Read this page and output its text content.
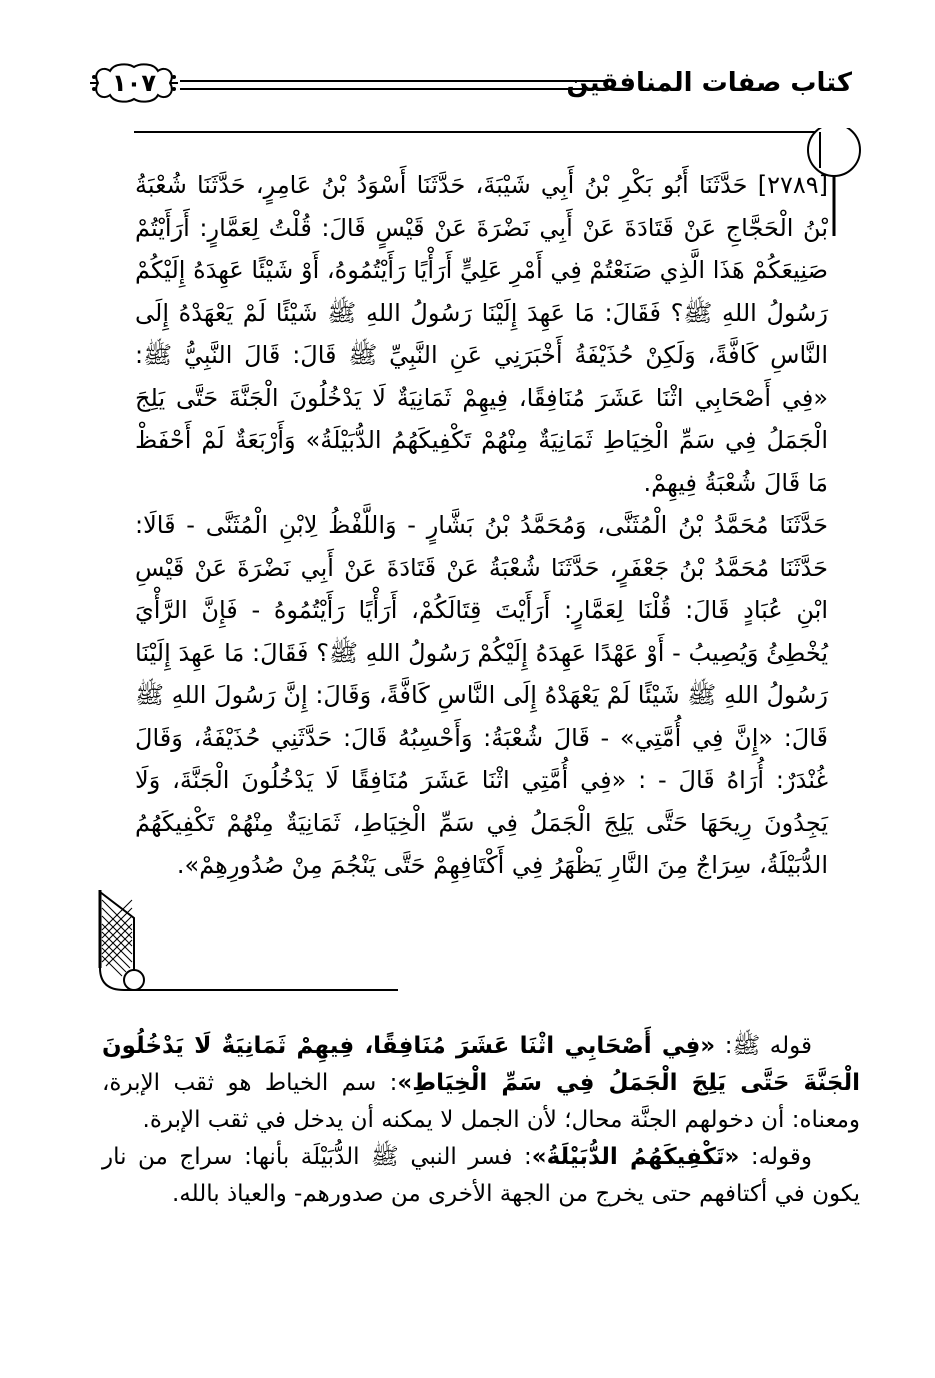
كتاب صفات المنافقين
١٠٧

[٢٧٨٩] حَدَّثَنَا أَبُو بَكْرِ بْنُ أَبِي شَيْبَةَ، حَدَّثَنَا أَسْوَدُ بْنُ عَامِرٍ، حَدَّثَنَا شُعْبَةُ بْنُ الْحَجَّاجِ عَنْ قَتَادَةَ عَنْ أَبِي نَضْرَةَ عَنْ قَيْسٍ قَالَ: قُلْتُ لِعَمَّارٍ: أَرَأَيْتُمْ صَنِيعَكُمْ هَذَا الَّذِي صَنَعْتُمْ فِي أَمْرِ عَلِيٍّ أَرَأْيًا رَأَيْتُمُوهُ، أَوْ شَيْئًا عَهِدَهُ إِلَيْكُمْ رَسُولُ اللهِ ﷺ؟ فَقَالَ: مَا عَهِدَ إِلَيْنَا رَسُولُ اللهِ ﷺ شَيْئًا لَمْ يَعْهَدْهُ إِلَى النَّاسِ كَافَّةً، وَلَكِنْ حُذَيْفَةُ أَخْبَرَنِي عَنِ النَّبِيِّ ﷺ قَالَ: قَالَ النَّبِيُّ ﷺ: «فِي أَصْحَابِي اثْنَا عَشَرَ مُنَافِقًا، فِيهِمْ ثَمَانِيَةٌ لَا يَدْخُلُونَ الْجَنَّةَ حَتَّى يَلِجَ الْجَمَلُ فِي سَمِّ الْخِيَاطِ ثَمَانِيَةٌ مِنْهُمْ تَكْفِيكَهُمُ الدُّبَيْلَةُ» وَأَرْبَعَةٌ لَمْ أَحْفَظْ مَا قَالَ شُعْبَةُ فِيهِمْ.

حَدَّثَنَا مُحَمَّدُ بْنُ الْمُثَنَّى، وَمُحَمَّدُ بْنُ بَشَّارٍ - وَاللَّفْظُ لِابْنِ الْمُثَنَّى - قَالَا: حَدَّثَنَا مُحَمَّدُ بْنُ جَعْفَرٍ، حَدَّثَنَا شُعْبَةُ عَنْ قَتَادَةَ عَنْ أَبِي نَضْرَةَ عَنْ قَيْسِ ابْنِ عُبَادٍ قَالَ: قُلْنَا لِعَمَّارٍ: أَرَأَيْتَ قِتَالَكُمْ، أَرَأْيًا رَأَيْتُمُوهُ - فَإِنَّ الرَّأْيَ يُخْطِئُ وَيُصِيبُ - أَوْ عَهْدًا عَهِدَهُ إِلَيْكُمْ رَسُولُ اللهِ ﷺ؟ فَقَالَ: مَا عَهِدَ إِلَيْنَا رَسُولُ اللهِ ﷺ شَيْئًا لَمْ يَعْهَدْهُ إِلَى النَّاسِ كَافَّةً، وَقَالَ: إِنَّ رَسُولَ اللهِ ﷺ قَالَ: «إِنَّ فِي أُمَّتِي» - قَالَ شُعْبَةُ: وَأَحْسِبُهُ قَالَ: حَدَّثَنِي حُذَيْفَةُ، وَقَالَ غُنْدَرٌ: أُرَاهُ قَالَ - : «فِي أُمَّتِي اثْنَا عَشَرَ مُنَافِقًا لَا يَدْخُلُونَ الْجَنَّةَ، وَلَا يَجِدُونَ رِيحَهَا حَتَّى يَلِجَ الْجَمَلُ فِي سَمِّ الْخِيَاطِ، ثَمَانِيَةٌ مِنْهُمْ تَكْفِيكَهُمُ الدُّبَيْلَةُ، سِرَاجٌ مِنَ النَّارِ يَظْهَرُ فِي أَكْتَافِهِمْ حَتَّى يَنْجُمَ مِنْ صُدُورِهِمْ».

قوله ﷺ: «فِي أَصْحَابِي اثْنَا عَشَرَ مُنَافِقًا، فِيهِمْ ثَمَانِيَةٌ لَا يَدْخُلُونَ الْجَنَّةَ حَتَّى يَلِجَ الْجَمَلُ فِي سَمِّ الْخِيَاطِ»: سم الخياط هو ثقب الإبرة، ومعناه: أن دخولهم الجنَّة محال؛ لأن الجمل لا يمكنه أن يدخل في ثقب الإبرة.

وقوله: «تَكْفِيكَهُمُ الدُّبَيْلَةُ»: فسر النبي ﷺ الدُّبَيْلَة بأنها: سراج من نار يكون في أكتافهم حتى يخرج من الجهة الأخرى من صدورهم- والعياذ بالله.
